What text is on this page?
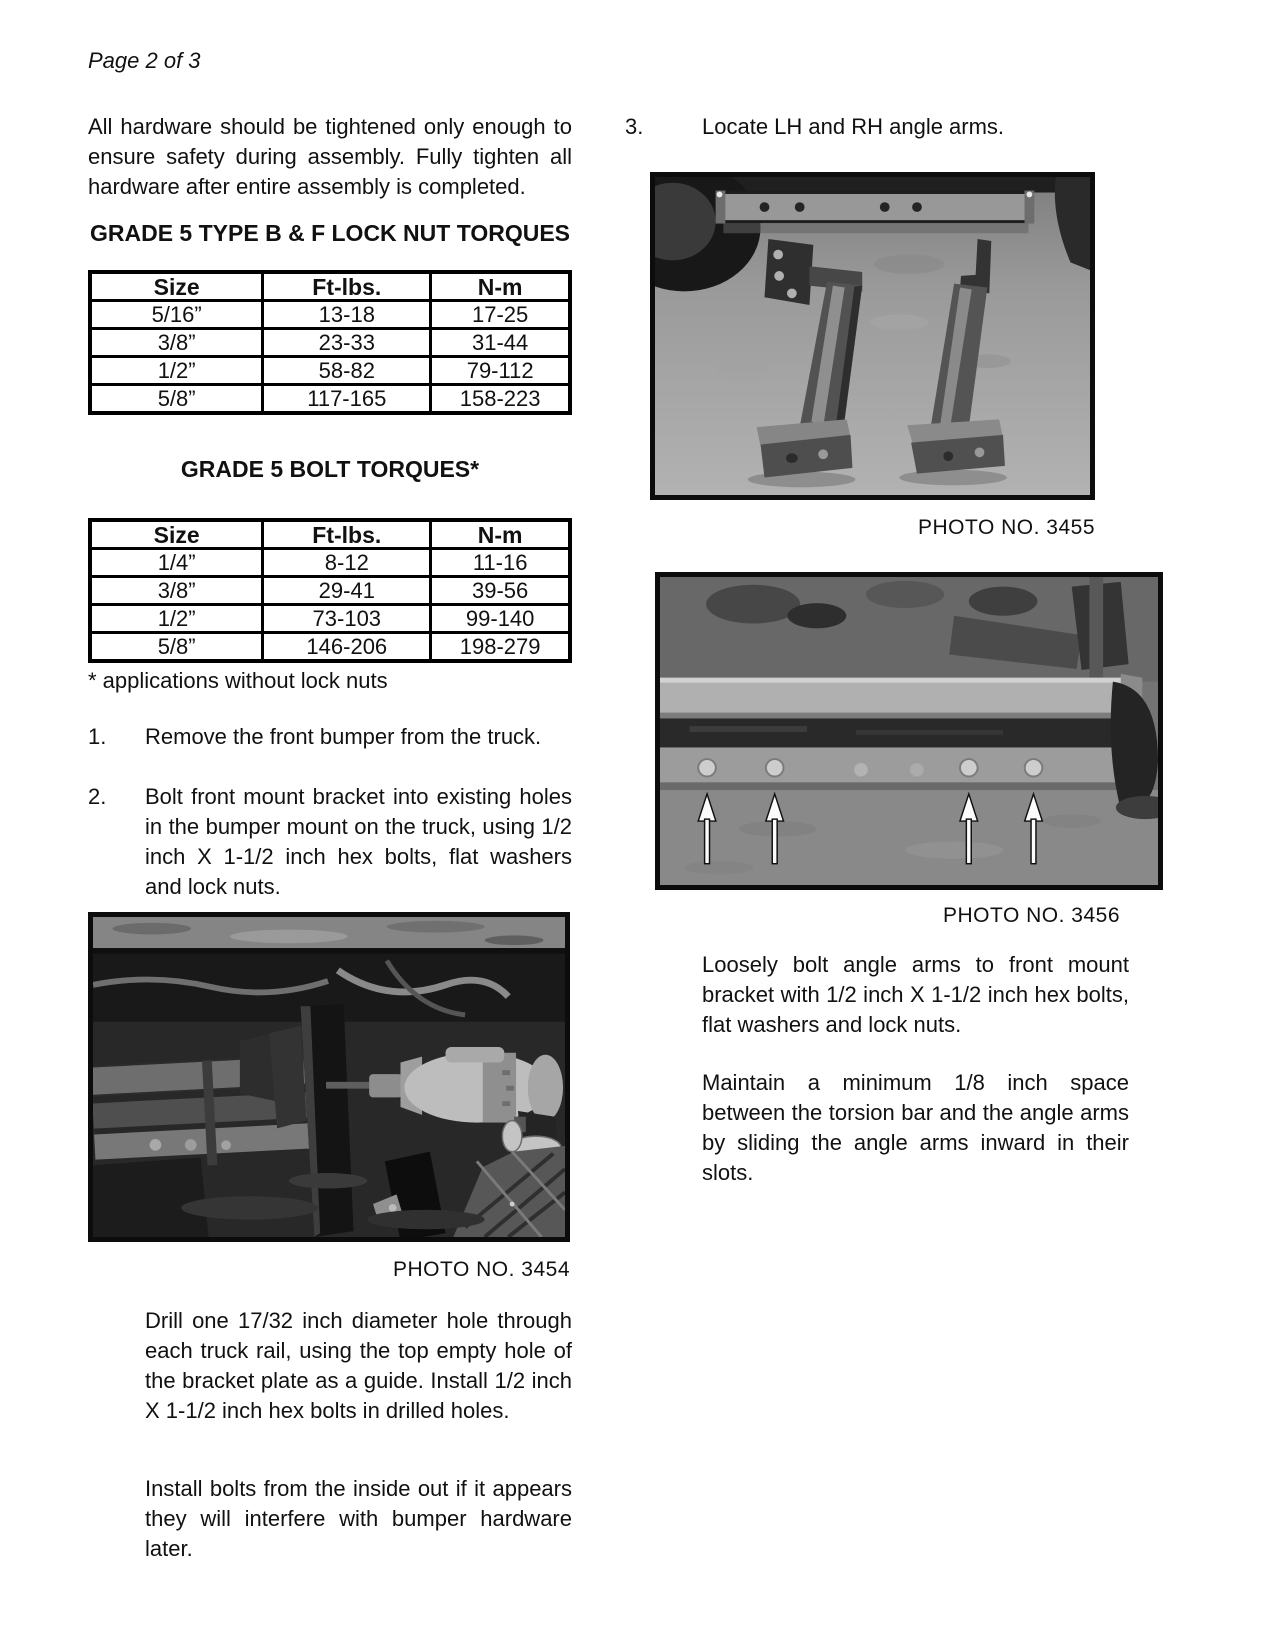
Page 2 of 3
All hardware should be tightened only enough to ensure safety during assembly. Fully tighten all hardware after entire assembly is completed.
GRADE 5 TYPE B & F LOCK NUT TORQUES
Size	Ft-lbs.	N-m
5/16”	13-18	17-25
3/8”	23-33	31-44
1/2”	58-82	79-112
5/8”	117-165	158-223
GRADE 5 BOLT TORQUES*
Size	Ft-lbs.	N-m
1/4”	8-12	11-16
3/8”	29-41	39-56
1/2”	73-103	99-140
5/8”	146-206	198-279
* applications without lock nuts
1.	Remove the front bumper from the truck.
2.	Bolt front mount bracket into existing holes in the bumper mount on the truck, using 1/2 inch X 1-1/2 inch hex bolts, flat washers and lock nuts.
PHOTO NO. 3454
Drill one 17/32 inch diameter hole through each truck rail, using the top empty hole of the bracket plate as a guide. Install 1/2 inch X 1-1/2 inch hex bolts in drilled holes.
Install bolts from the inside out if it appears they will interfere with bumper hardware later.
3.	Locate LH and RH angle arms.
PHOTO NO. 3455
PHOTO NO. 3456
Loosely bolt angle arms to front mount bracket with 1/2 inch X 1-1/2 inch hex bolts, flat washers and lock nuts.
Maintain a minimum 1/8 inch space between the torsion bar and the angle arms by sliding the angle arms inward in their slots.
